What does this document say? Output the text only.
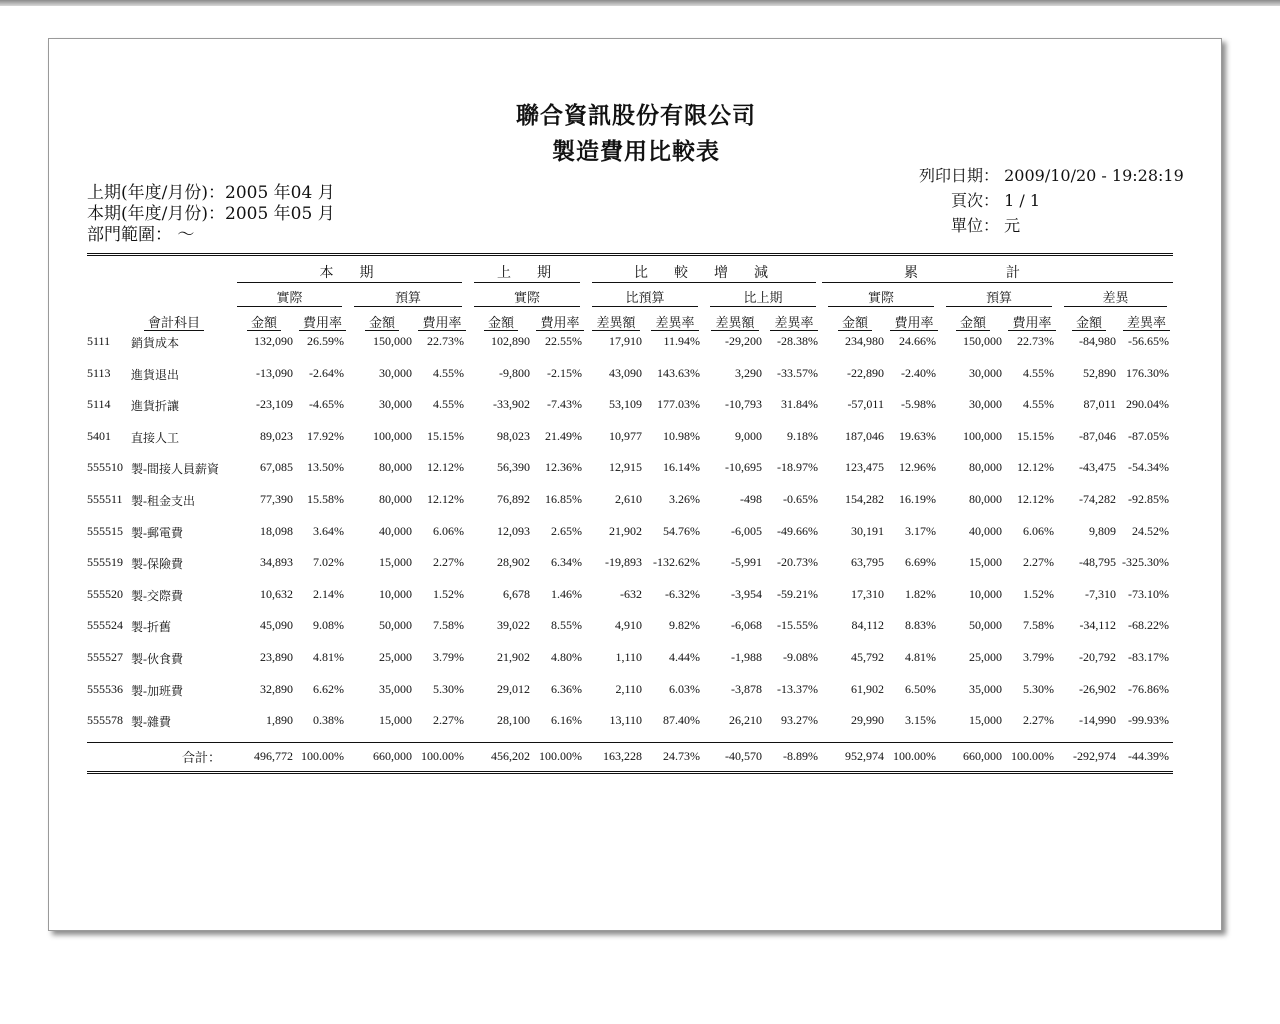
聯合資訊股份有限公司
製造費用比較表
上期(年度/月份)：2005 年04 月
本期(年度/月份)：2005 年05 月
部門範圍： ～
列印日期： 2009/10/20 - 19:28:19
頁次： 1 / 1
單位： 元

		本　期				上　期		比　較　增　減				累			計		

		實際		預算		實際		比預算		比上期		實際		預算		差異	

會計科目		金額	費用率	金額	費用率	金額	費用率	差異額	差異率	差異額	差異率	金額	費用率	金額	費用率	金額	差異率
5111	銷貨成本	132,090	26.59%	150,000	22.73%	102,890	22.55%	17,910	11.94%	-29,200	-28.38%	234,980	24.66%	150,000	22.73%	-84,980	-56.65%
5113	進貨退出	-13,090	-2.64%	30,000	4.55%	-9,800	-2.15%	43,090	143.63%	3,290	-33.57%	-22,890	-2.40%	30,000	4.55%	52,890	176.30%
5114	進貨折讓	-23,109	-4.65%	30,000	4.55%	-33,902	-7.43%	53,109	177.03%	-10,793	31.84%	-57,011	-5.98%	30,000	4.55%	87,011	290.04%
5401	直接人工	89,023	17.92%	100,000	15.15%	98,023	21.49%	10,977	10.98%	9,000	9.18%	187,046	19.63%	100,000	15.15%	-87,046	-87.05%
555510	製-間接人員薪資	67,085	13.50%	80,000	12.12%	56,390	12.36%	12,915	16.14%	-10,695	-18.97%	123,475	12.96%	80,000	12.12%	-43,475	-54.34%
555511	製-租金支出	77,390	15.58%	80,000	12.12%	76,892	16.85%	2,610	3.26%	-498	-0.65%	154,282	16.19%	80,000	12.12%	-74,282	-92.85%
555515	製-郵電費	18,098	3.64%	40,000	6.06%	12,093	2.65%	21,902	54.76%	-6,005	-49.66%	30,191	3.17%	40,000	6.06%	9,809	24.52%
555519	製-保險費	34,893	7.02%	15,000	2.27%	28,902	6.34%	-19,893	-132.62%	-5,991	-20.73%	63,795	6.69%	15,000	2.27%	-48,795	-325.30%
555520	製-交際費	10,632	2.14%	10,000	1.52%	6,678	1.46%	-632	-6.32%	-3,954	-59.21%	17,310	1.82%	10,000	1.52%	-7,310	-73.10%
555524	製-折舊	45,090	9.08%	50,000	7.58%	39,022	8.55%	4,910	9.82%	-6,068	-15.55%	84,112	8.83%	50,000	7.58%	-34,112	-68.22%
555527	製-伙食費	23,890	4.81%	25,000	3.79%	21,902	4.80%	1,110	4.44%	-1,988	-9.08%	45,792	4.81%	25,000	3.79%	-20,792	-83.17%
555536	製-加班費	32,890	6.62%	35,000	5.30%	29,012	6.36%	2,110	6.03%	-3,878	-13.37%	61,902	6.50%	35,000	5.30%	-26,902	-76.86%
555578	製-雜費	1,890	0.38%	15,000	2.27%	28,100	6.16%	13,110	87.40%	26,210	93.27%	29,990	3.15%	15,000	2.27%	-14,990	-99.93%
合計：		496,772	100.00%	660,000	100.00%	456,202	100.00%	163,228	24.73%	-40,570	-8.89%	952,974	100.00%	660,000	100.00%	-292,974	-44.39%
